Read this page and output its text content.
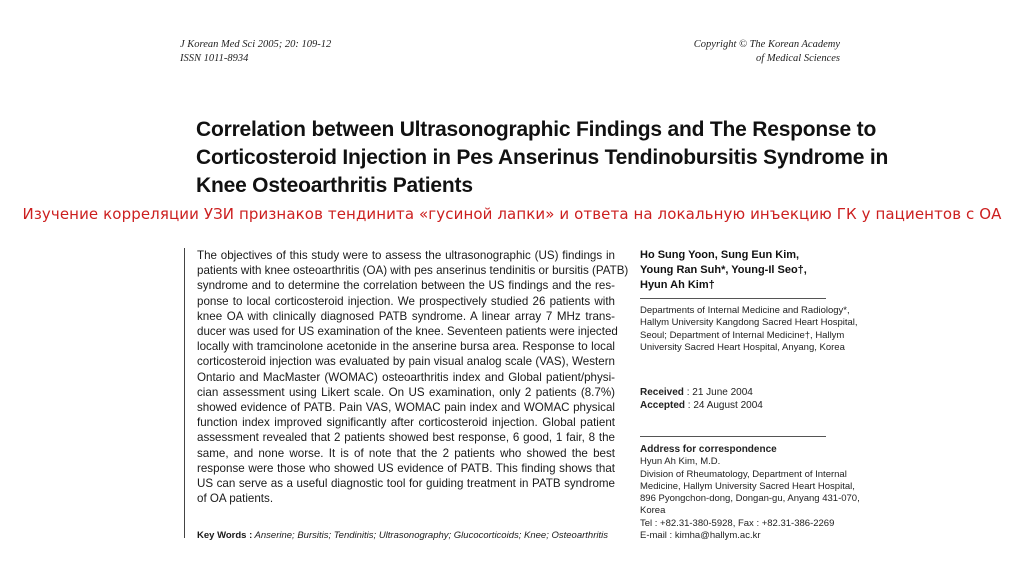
J Korean Med Sci 2005; 20: 109-12
ISSN 1011-8934
Copyright © The Korean Academy
of Medical Sciences
Correlation between Ultrasonographic Findings and The Response to
Corticosteroid Injection in Pes Anserinus Tendinobursitis Syndrome in
Knee Osteoarthritis Patients
Изучение корреляции УЗИ признаков тендинита «гусиной лапки» и ответа на локальную инъекцию ГК у пациентов с ОА
The objectives of this study were to assess the ultrasonographic (US) findings in
patients with knee osteoarthritis (OA) with pes anserinus tendinitis or bursitis (PATB)
syndrome and to determine the correlation between the US findings and the res-
ponse to local corticosteroid injection. We prospectively studied 26 patients with
knee OA with clinically diagnosed PATB syndrome. A linear array 7 MHz trans-
ducer was used for US examination of the knee. Seventeen patients were injected
locally with tramcinolone acetonide in the anserine bursa area. Response to local
corticosteroid injection was evaluated by pain visual analog scale (VAS), Western
Ontario and MacMaster (WOMAC) osteoarthritis index and Global patient/physi-
cian assessment using Likert scale. On US examination, only 2 patients (8.7%)
showed evidence of PATB. Pain VAS, WOMAC pain index and WOMAC physical
function index improved significantly after corticosteroid injection. Global patient
assessment revealed that 2 patients showed best response, 6 good, 1 fair, 8 the
same, and none worse. It is of note that the 2 patients who showed the best
response were those who showed US evidence of PATB. This finding shows that
US can serve as a useful diagnostic tool for guiding treatment in PATB syndrome
of OA patients.
Key Words : Anserine; Bursitis; Tendinitis; Ultrasonography; Glucocorticoids; Knee; Osteoarthritis
Ho Sung Yoon, Sung Eun Kim,
Young Ran Suh*, Young-Il Seo†,
Hyun Ah Kim†
Departments of Internal Medicine and Radiology*,
Hallym University Kangdong Sacred Heart Hospital,
Seoul; Department of Internal Medicine†, Hallym
University Sacred Heart Hospital, Anyang, Korea
Received : 21 June 2004
Accepted : 24 August 2004
Address for correspondence
Hyun Ah Kim, M.D.
Division of Rheumatology, Department of Internal
Medicine, Hallym University Sacred Heart Hospital,
896 Pyongchon-dong, Dongan-gu, Anyang 431-070,
Korea
Tel : +82.31-380-5928, Fax : +82.31-386-2269
E-mail : kimha@hallym.ac.kr
